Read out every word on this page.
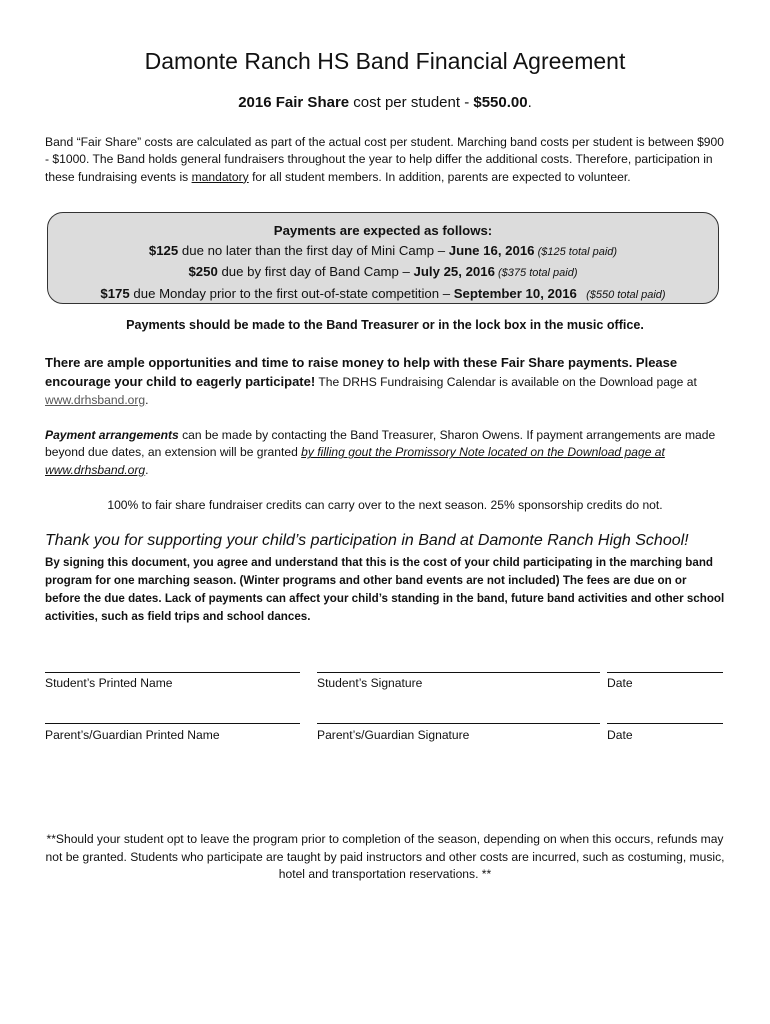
Damonte Ranch HS Band Financial Agreement
2016 Fair Share cost per student - $550.00.
Band “Fair Share” costs are calculated as part of the actual cost per student. Marching band costs per student is between $900 - $1000. The Band holds general fundraisers throughout the year to help differ the additional costs. Therefore, participation in these fundraising events is mandatory for all student members. In addition, parents are expected to volunteer.
Payments are expected as follows:
$125 due no later than the first day of Mini Camp – June 16, 2016 ($125 total paid)
$250 due by first day of Band Camp – July 25, 2016 ($375 total paid)
$175 due Monday prior to the first out-of-state competition – September 10, 2016   ($550 total paid)
Payments should be made to the Band Treasurer or in the lock box in the music office.
There are ample opportunities and time to raise money to help with these Fair Share payments. Please encourage your child to eagerly participate! The DRHS Fundraising Calendar is available on the Download page at www.drhsband.org.
Payment arrangements can be made by contacting the Band Treasurer, Sharon Owens. If payment arrangements are made beyond due dates, an extension will be granted by filling gout the Promissory Note located on the Download page at www.drhsband.org.
100% to fair share fundraiser credits can carry over to the next season. 25% sponsorship credits do not.
Thank you for supporting your child’s participation in Band at Damonte Ranch High School!
By signing this document, you agree and understand that this is the cost of your child participating in the marching band program for one marching season. (Winter programs and other band events are not included) The fees are due on or before the due dates. Lack of payments can affect your child’s standing in the band, future band activities and other school activities, such as field trips and school dances.
Student’s Printed Name	Student’s Signature	Date
Parent’s/Guardian Printed Name	Parent’s/Guardian Signature	Date
**Should your student opt to leave the program prior to completion of the season, depending on when this occurs, refunds may not be granted. Students who participate are taught by paid instructors and other costs are incurred, such as costuming, music, hotel and transportation reservations. **
